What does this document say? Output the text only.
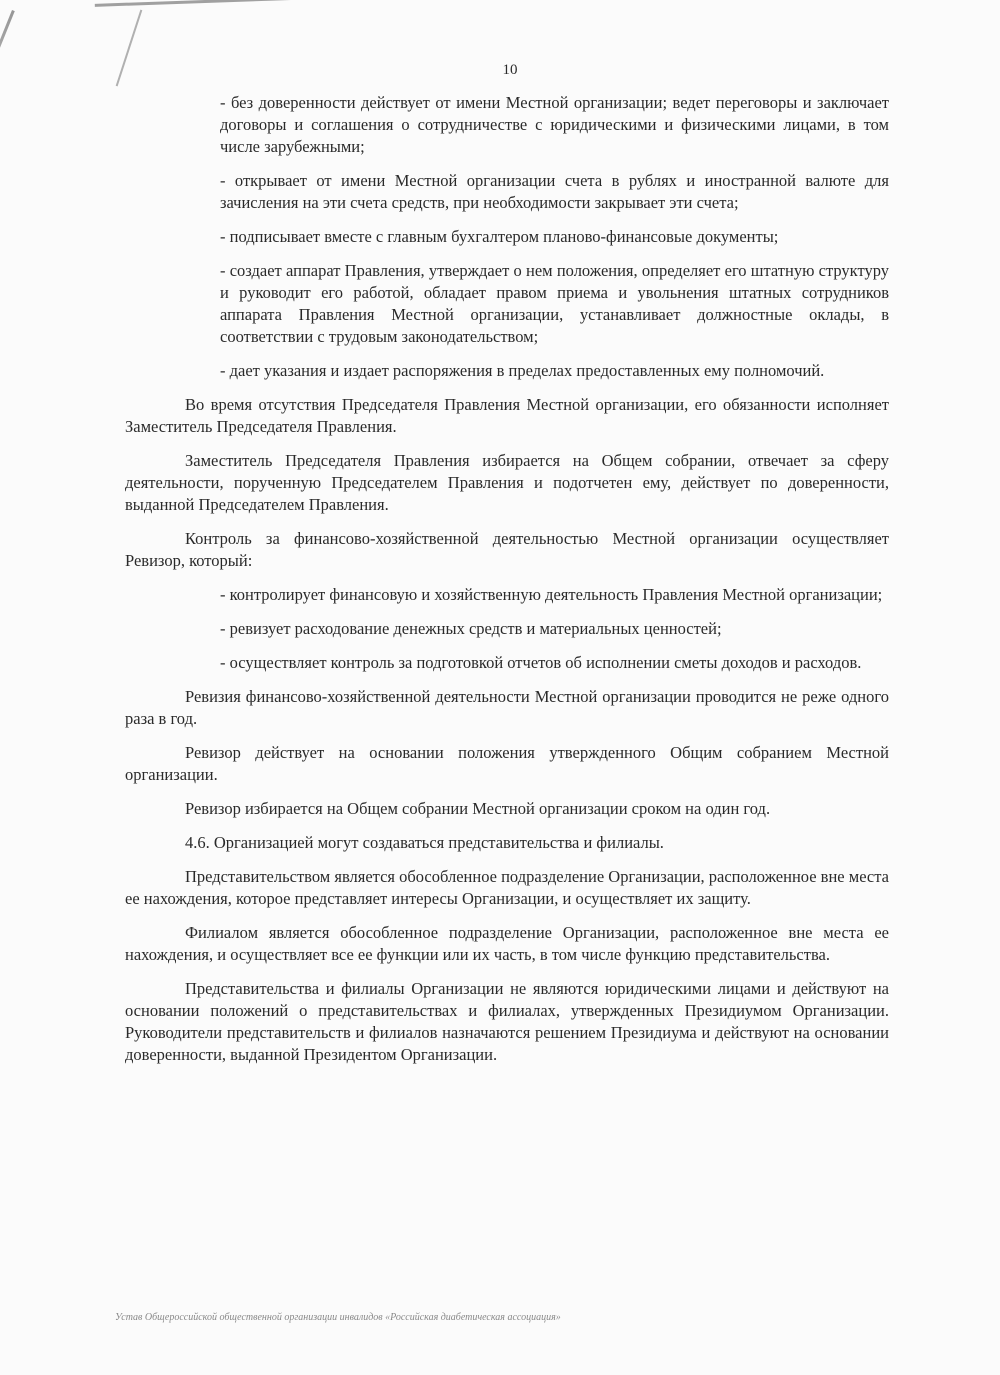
10

- без доверенности действует от имени Местной организации; ведет переговоры и заключает договоры и соглашения о сотрудничестве с юридическими и физическими лицами, в том числе зарубежными;

- открывает от имени Местной организации счета в рублях и иностранной валюте для зачисления на эти счета средств, при необходимости закрывает эти счета;

- подписывает вместе с главным бухгалтером планово-финансовые документы;

- создает аппарат Правления, утверждает о нем положения, определяет его штатную структуру и руководит его работой, обладает правом приема и увольнения штатных сотрудников аппарата Правления Местной организации, устанавливает должностные оклады, в соответствии с трудовым законодательством;

- дает указания и издает распоряжения в пределах предоставленных ему полномочий.

Во время отсутствия Председателя Правления Местной организации, его обязанности исполняет Заместитель Председателя Правления.

Заместитель Председателя Правления избирается на Общем собрании, отвечает за сферу деятельности, порученную Председателем Правления и подотчетен ему, действует по доверенности, выданной Председателем Правления.

Контроль за финансово-хозяйственной деятельностью Местной организации осуществляет Ревизор, который:

- контролирует финансовую и хозяйственную деятельность Правления Местной организации;

- ревизует расходование денежных средств и материальных ценностей;

- осуществляет контроль за подготовкой отчетов об исполнении сметы доходов и расходов.

Ревизия финансово-хозяйственной деятельности Местной организации проводится не реже одного раза в год.

Ревизор действует на основании положения утвержденного Общим собранием Местной организации.

Ревизор избирается на Общем собрании Местной организации сроком на один год.

4.6. Организацией могут создаваться представительства и филиалы.

Представительством является обособленное подразделение Организации, расположенное вне места ее нахождения, которое представляет интересы Организации, и осуществляет их защиту.

Филиалом является обособленное подразделение Организации, расположенное вне места ее нахождения, и осуществляет все ее функции или их часть, в том числе функцию представительства.

Представительства и филиалы Организации не являются юридическими лицами и действуют на основании положений о представительствах и филиалах, утвержденных Президиумом Организации. Руководители представительств и филиалов назначаются решением Президиума и действуют на основании доверенности, выданной Президентом Организации.

Устав Общероссийской общественной организации инвалидов «Российская диабетическая ассоциация»
